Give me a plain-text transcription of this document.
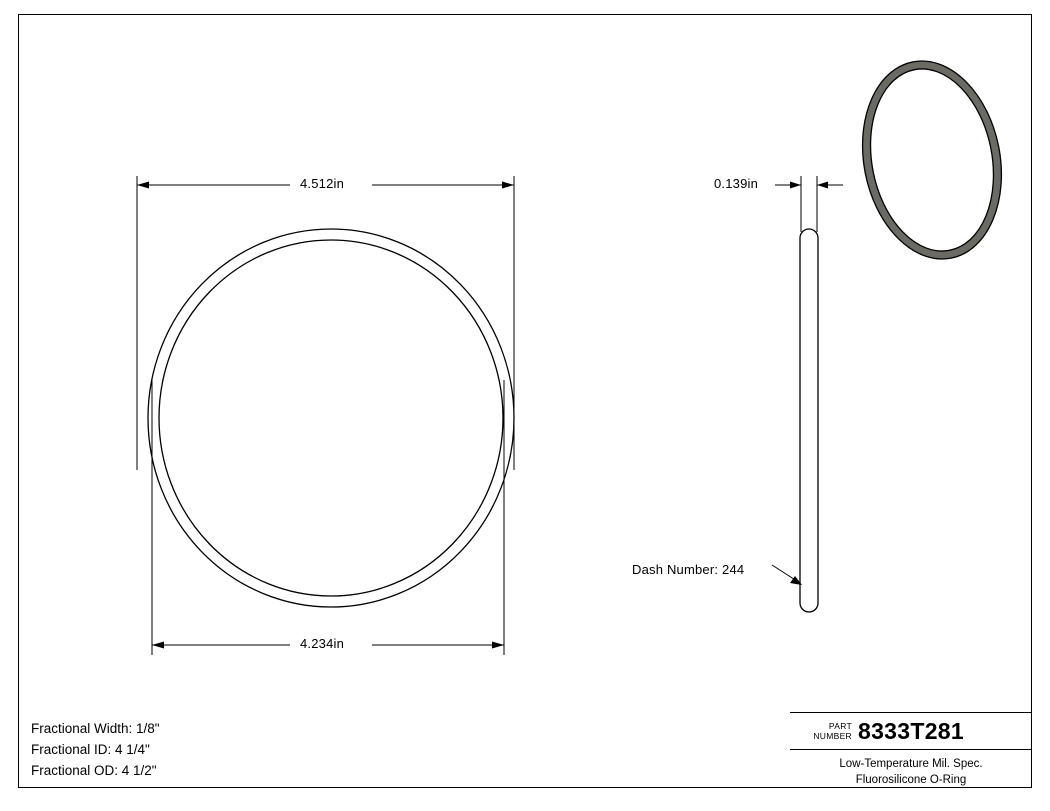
4.512in
4.234in
0.139in
Dash Number: 244
Fractional Width: 1/8"
Fractional ID: 4 1/4"
Fractional OD: 4 1/2"
PART
NUMBER 8333T281
Low-Temperature Mil. Spec.
Fluorosilicone O-Ring
